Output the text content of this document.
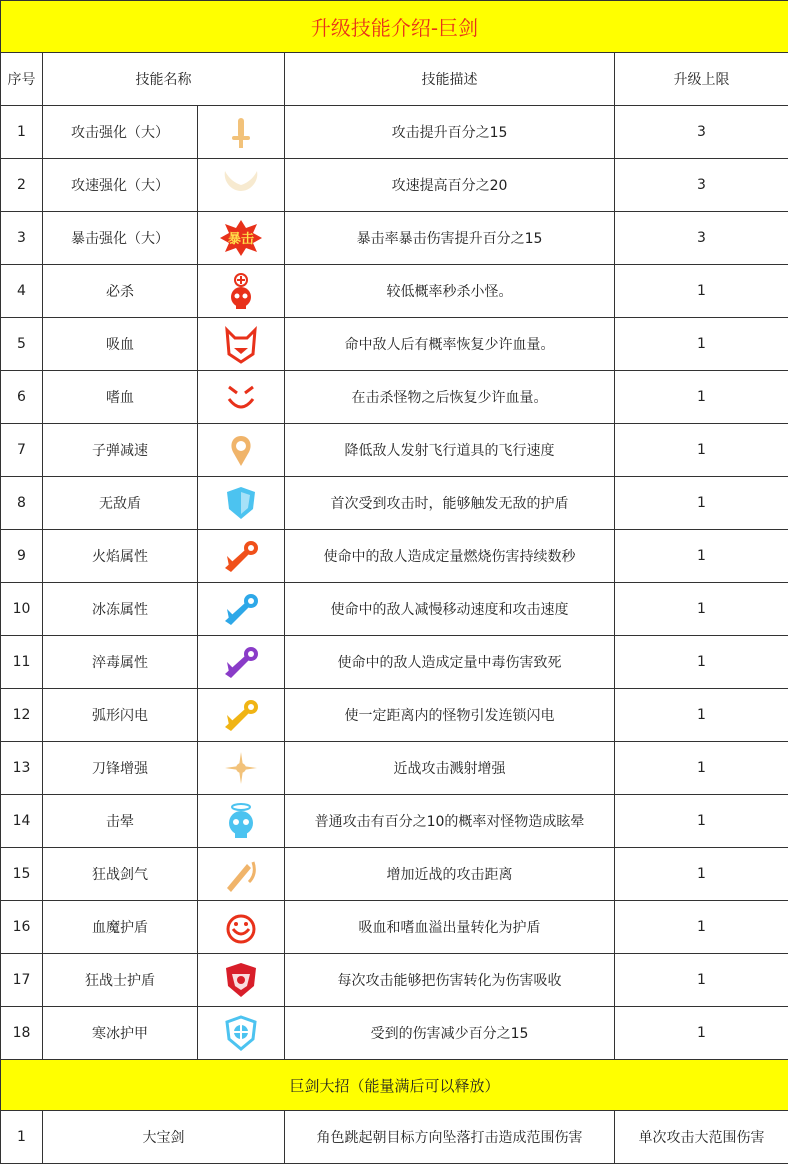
升级技能介绍-巨剑				
序号	技能名称		技能描述	升级上限
1	攻击强化（大）		攻击提升百分之15	3
2	攻速强化（大）		攻速提高百分之20	3
3	暴击强化（大）	暴击	暴击率暴击伤害提升百分之15	3
4	必杀		较低概率秒杀小怪。	1
5	吸血		命中敌人后有概率恢复少许血量。	1
6	嗜血		在击杀怪物之后恢复少许血量。	1
7	子弹减速		降低敌人发射飞行道具的飞行速度	1
8	无敌盾		首次受到攻击时，能够触发无敌的护盾	1
9	火焰属性		使命中的敌人造成定量燃烧伤害持续数秒	1
10	冰冻属性		使命中的敌人减慢移动速度和攻击速度	1
11	淬毒属性		使命中的敌人造成定量中毒伤害致死	1
12	弧形闪电		使一定距离内的怪物引发连锁闪电	1
13	刀锋增强		近战攻击溅射增强	1
14	击晕		普通攻击有百分之10的概率对怪物造成眩晕	1
15	狂战剑气		增加近战的攻击距离	1
16	血魔护盾		吸血和嗜血溢出量转化为护盾	1
17	狂战士护盾		每次攻击能够把伤害转化为伤害吸收	1
18	寒冰护甲		受到的伤害减少百分之15	1
巨剑大招（能量满后可以释放）				
1	大宝剑		角色跳起朝目标方向坠落打击造成范围伤害	单次攻击大范围伤害
